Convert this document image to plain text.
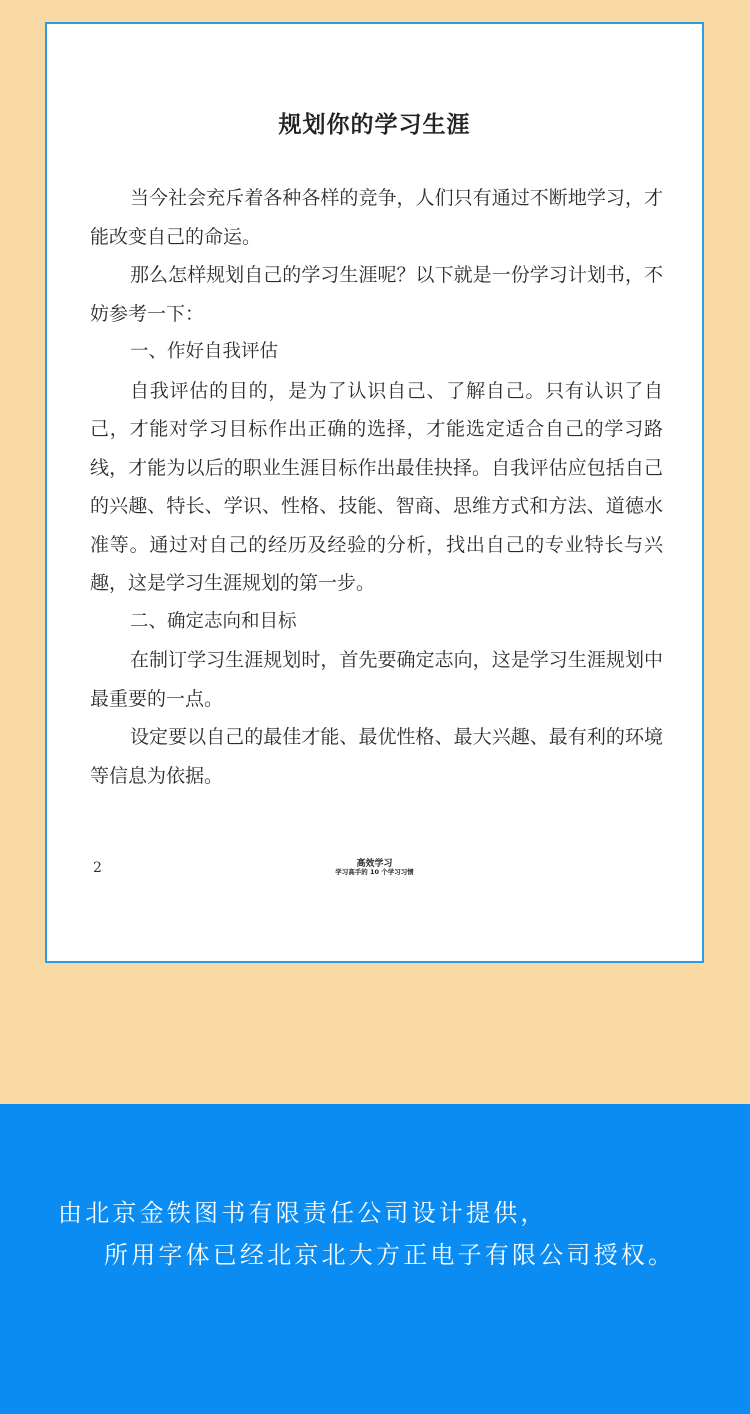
规划你的学习生涯

当今社会充斥着各种各样的竞争，人们只有通过不断地学习，才能改变自己的命运。

那么怎样规划自己的学习生涯呢？以下就是一份学习计划书，不妨参考一下：

一、作好自我评估

自我评估的目的，是为了认识自己、了解自己。只有认识了自己，才能对学习目标作出正确的选择，才能选定适合自己的学习路线，才能为以后的职业生涯目标作出最佳抉择。自我评估应包括自己的兴趣、特长、学识、性格、技能、智商、思维方式和方法、道德水准等。通过对自己的经历及经验的分析，找出自己的专业特长与兴趣，这是学习生涯规划的第一步。

二、确定志向和目标

在制订学习生涯规划时，首先要确定志向，这是学习生涯规划中最重要的一点。

设定要以自己的最佳才能、最优性格、最大兴趣、最有利的环境等信息为依据。

2	高效学习
学习高手的 10 个学习习惯
由北京金铁图书有限责任公司设计提供，
所用字体已经北京北大方正电子有限公司授权。
